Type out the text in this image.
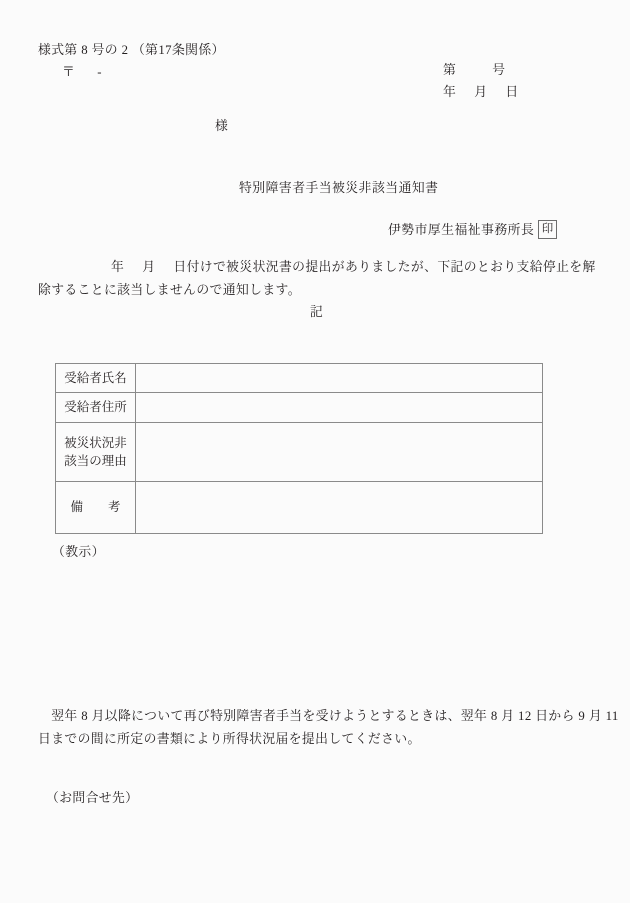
様式第 8 号の 2 （第17条関係）
〒       -	第          号
年     月     日
様
特別障害者手当被災非該当通知書
伊勢市厚生福祉事務所長 印
年     月     日付けで被災状況書の提出がありましたが、下記のとおり支給停止を解
除することに該当しませんので通知します。
記
受給者氏名	

受給者住所	

被災状況非
該当の理由	

備　　考	

（教示）
　翌年 8 月以降について再び特別障害者手当を受けようとするときは、翌年 8 月 12 日から 9 月 11
日までの間に所定の書類により所得状況届を提出してください。
（お問合せ先）
